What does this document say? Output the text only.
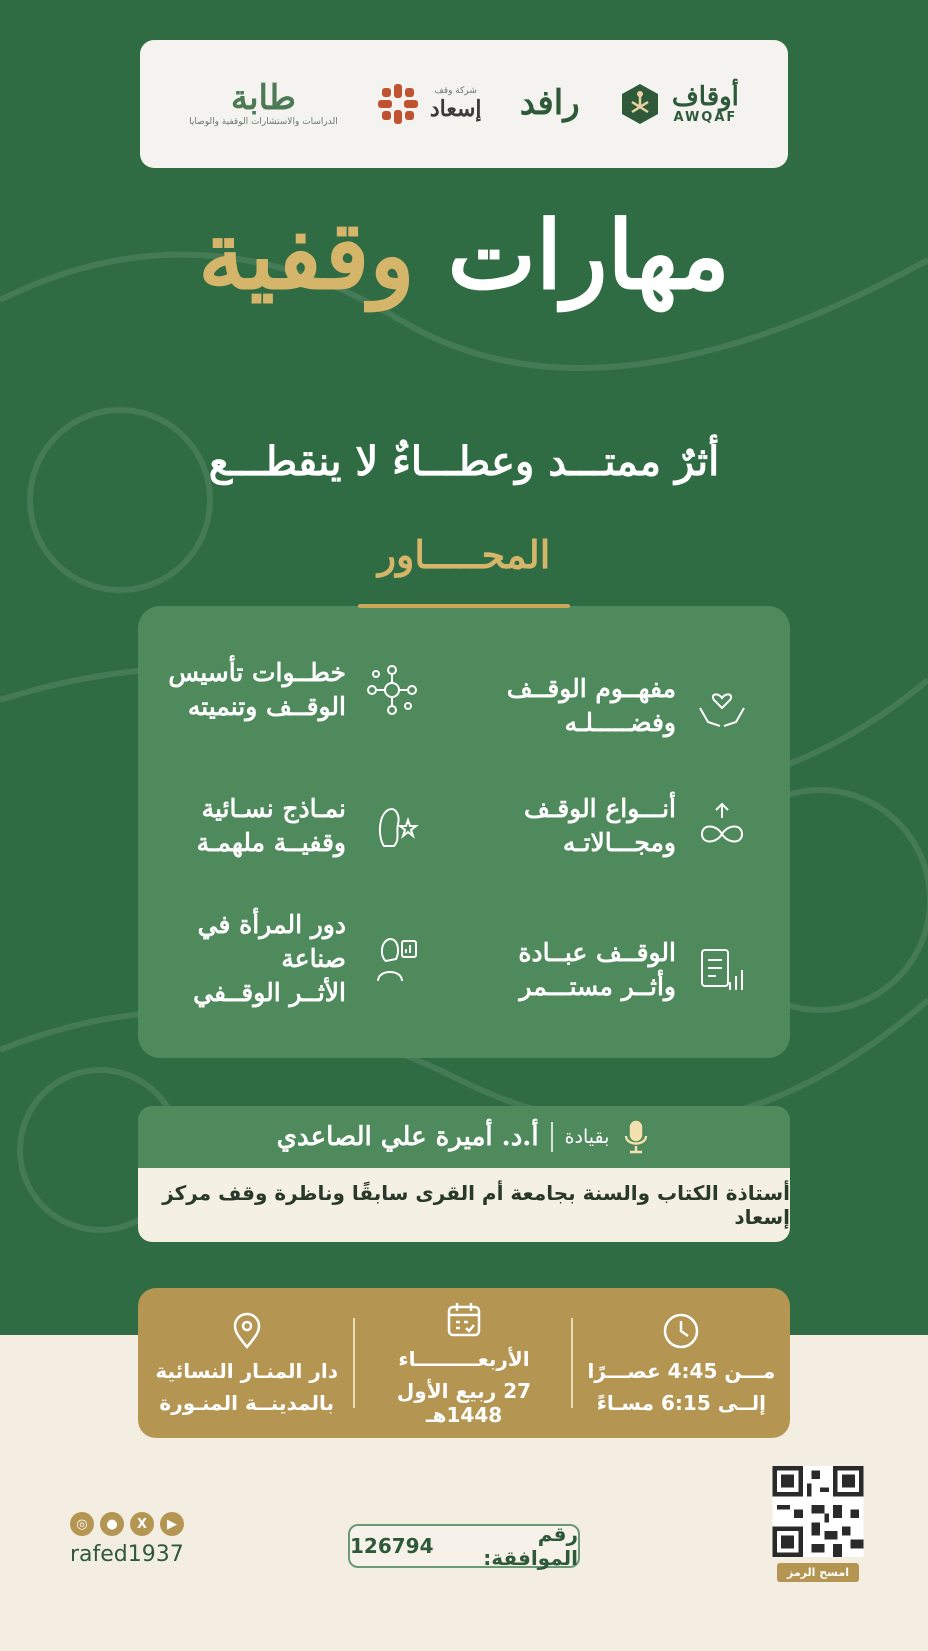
أوقاف
AWQAF
رافد
شركة وقف
إسعاد
طابة
الدراسات والاستشارات الوقفية والوصايا
مهارات وقفية
أثرٌ ممتـــد وعطـــاءٌ لا ينقطـــع
المحـــــاور
مفهــوم الوقــف
وفضـــــلـه
أنـــواع الوقـف
ومجـــالاتـه
الوقــف عبــادة
وأثــر مستـــمر
خطــوات تأسيس
الوقــف وتنميته
نمـاذج نسـائية
وقفيــة ملهمـة
دور المرأة في صناعة
الأثــر الوقــفي
بقيادة
أ.د. أميرة علي الصاعدي
أستاذة الكتاب والسنة بجامعة أم القرى سابقًا وناظرة وقف مركز إسعاد
مـــن 4:45 عصـــرًا
إلــى 6:15 مسـاءً
الأربعـــــــــاء
27 ربيع الأول 1448هـ
دار المنـار النسائية
بالمدينــة المنـورة
رقم الموافقة:
126794
◎	●	X	▶
rafed1937
امسح الرمز
